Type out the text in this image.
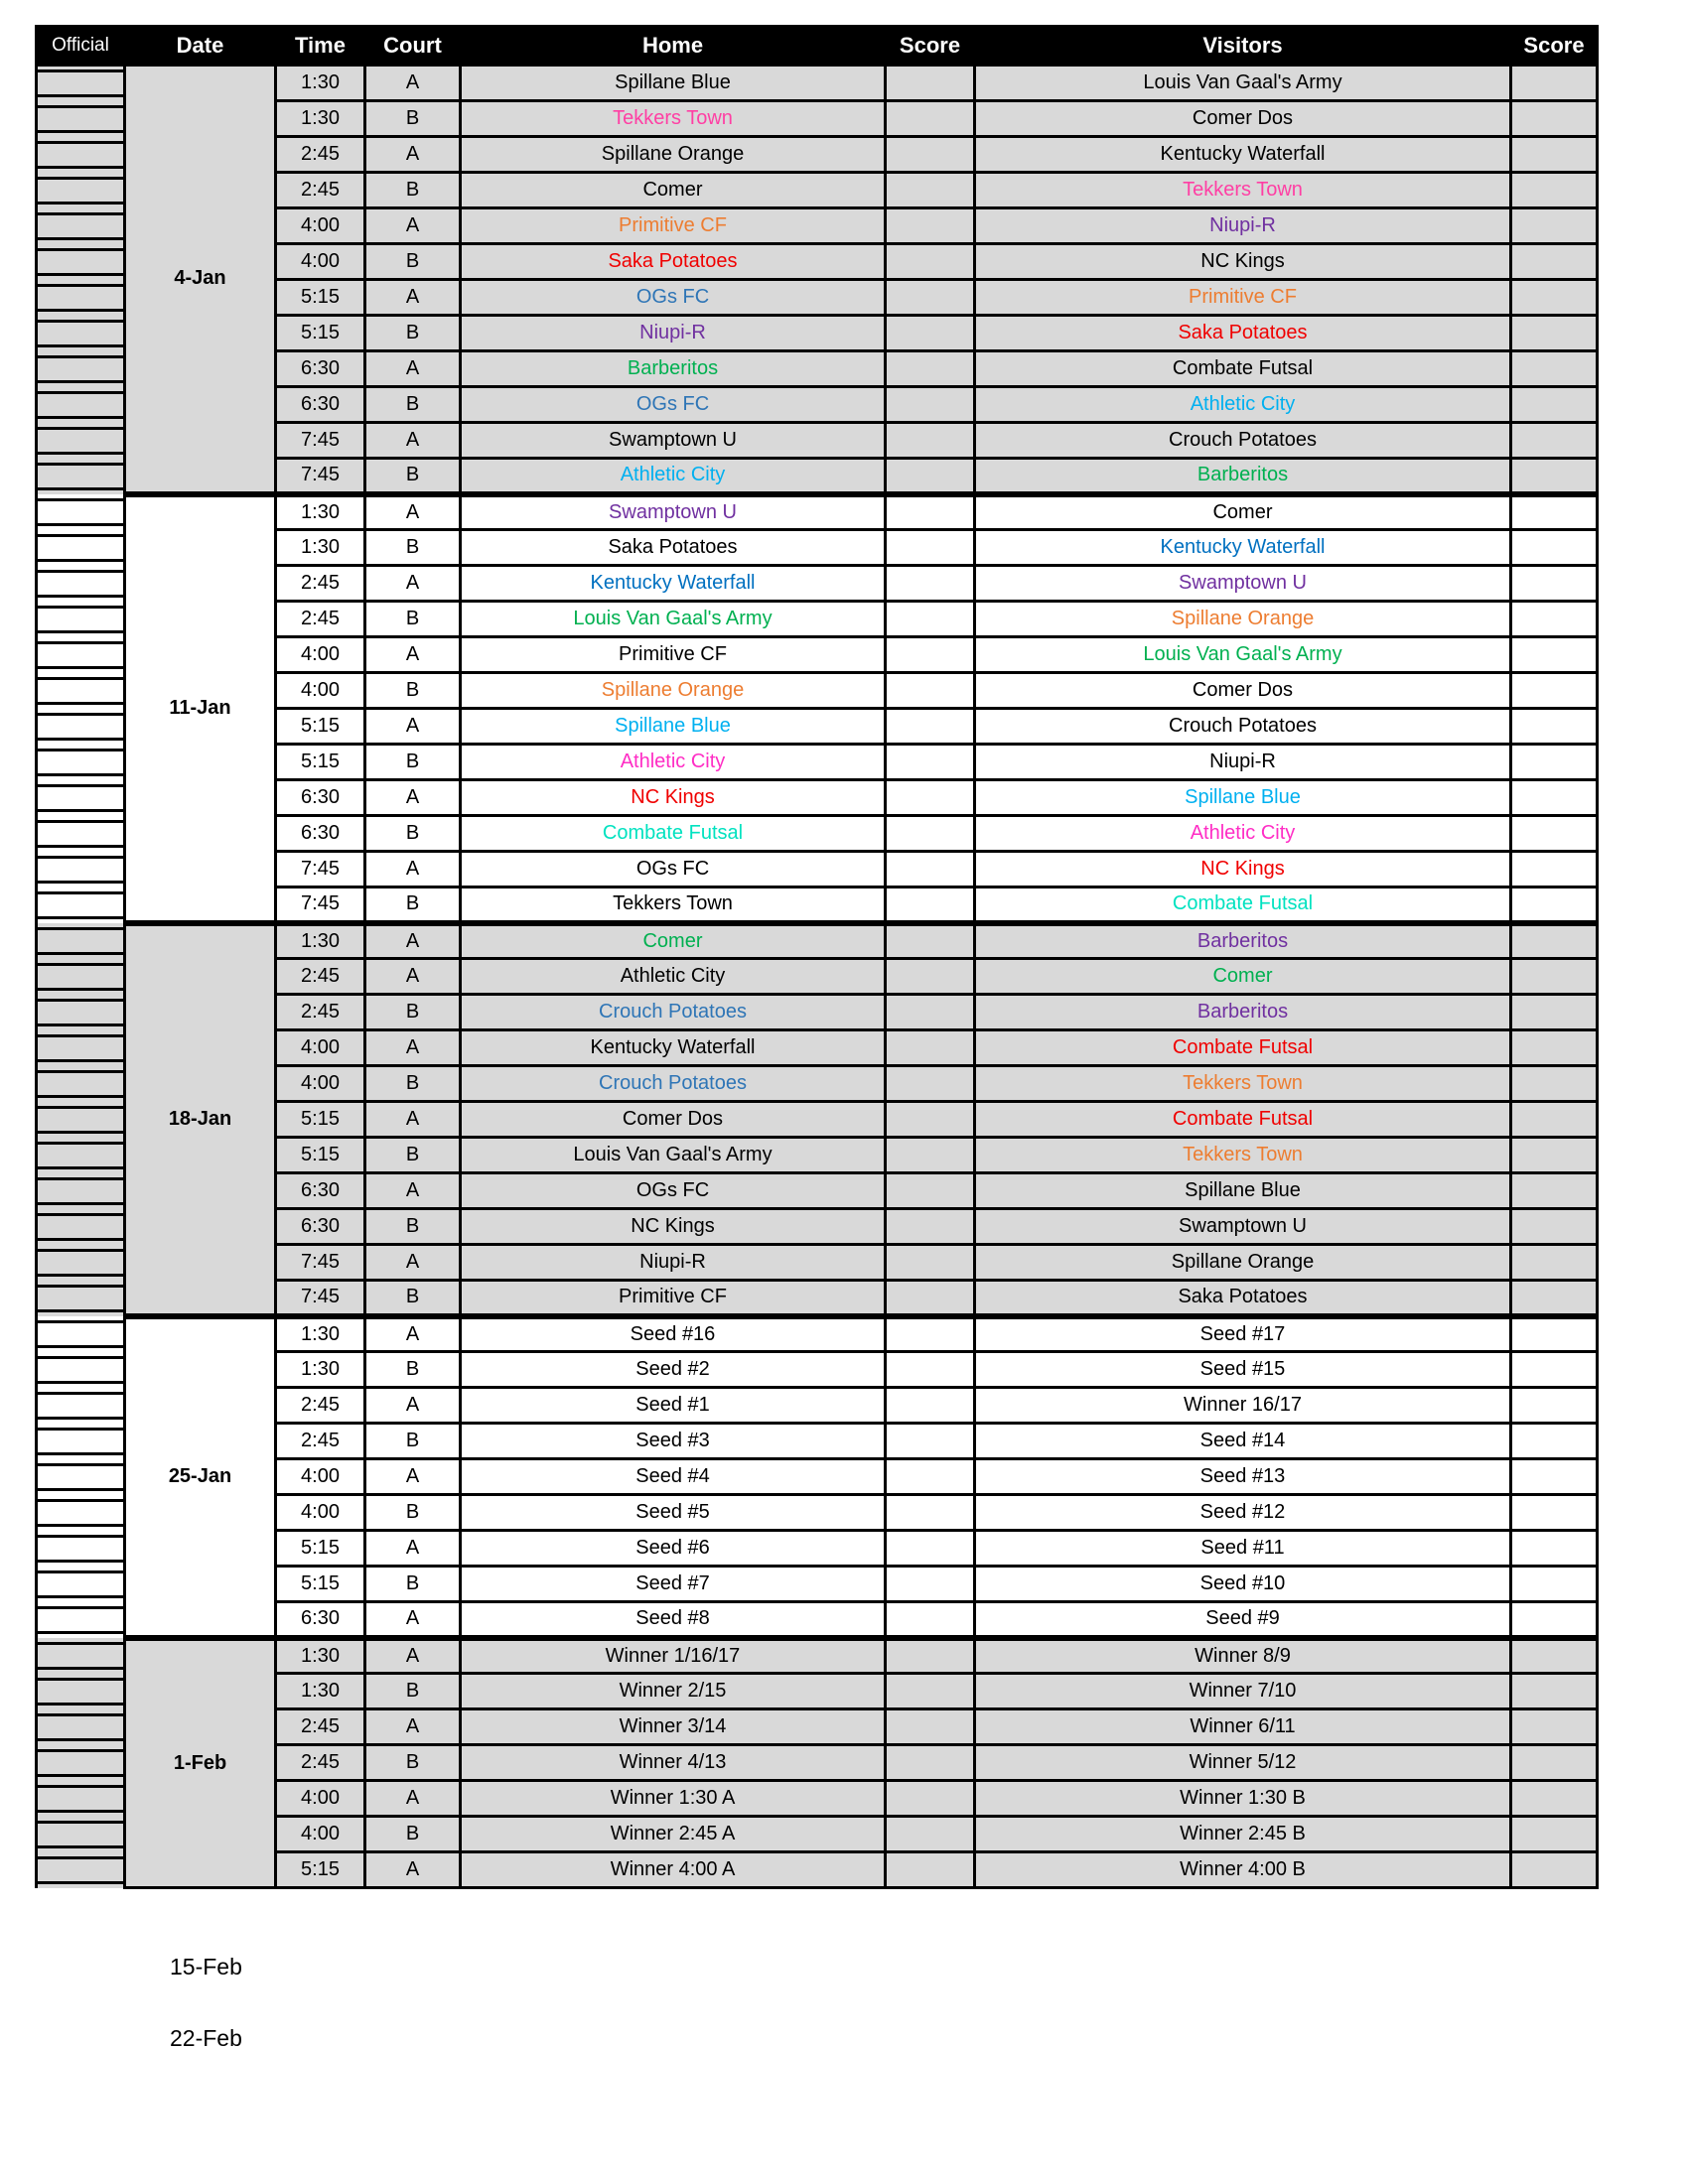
Official	Date	Time	Court	Home	Score	Visitors	Score

	4-Jan	1:30	A	Spillane Blue		Louis Van Gaal's Army	

		1:30	B	Tekkers Town		Comer Dos	

		2:45	A	Spillane Orange		Kentucky Waterfall	

		2:45	B	Comer		Tekkers Town	

		4:00	A	Primitive CF		Niupi-R	

		4:00	B	Saka Potatoes		NC Kings	

		5:15	A	OGs FC		Primitive CF	

		5:15	B	Niupi-R		Saka Potatoes	

		6:30	A	Barberitos		Combate Futsal	

		6:30	B	OGs FC		Athletic City	

		7:45	A	Swamptown U		Crouch Potatoes	

		7:45	B	Athletic City		Barberitos	

	11-Jan	1:30	A	Swamptown U		Comer	

		1:30	B	Saka Potatoes		Kentucky Waterfall	

		2:45	A	Kentucky Waterfall		Swamptown U	

		2:45	B	Louis Van Gaal's Army		Spillane Orange	

		4:00	A	Primitive CF		Louis Van Gaal's Army	

		4:00	B	Spillane Orange		Comer Dos	

		5:15	A	Spillane Blue		Crouch Potatoes	

		5:15	B	Athletic City		Niupi-R	

		6:30	A	NC Kings		Spillane Blue	

		6:30	B	Combate Futsal		Athletic City	

		7:45	A	OGs FC		NC Kings	

		7:45	B	Tekkers Town		Combate Futsal	

	18-Jan	1:30	A	Comer		Barberitos	

		2:45	A	Athletic City		Comer	

		2:45	B	Crouch Potatoes		Barberitos	

		4:00	A	Kentucky Waterfall		Combate Futsal	

		4:00	B	Crouch Potatoes		Tekkers Town	

		5:15	A	Comer Dos		Combate Futsal	

		5:15	B	Louis Van Gaal's Army		Tekkers Town	

		6:30	A	OGs FC		Spillane Blue	

		6:30	B	NC Kings		Swamptown U	

		7:45	A	Niupi-R		Spillane Orange	

		7:45	B	Primitive CF		Saka Potatoes	

	25-Jan	1:30	A	Seed #16		Seed #17	

		1:30	B	Seed #2		Seed #15	

		2:45	A	Seed #1		Winner 16/17	

		2:45	B	Seed #3		Seed #14	

		4:00	A	Seed #4		Seed #13	

		4:00	B	Seed #5		Seed #12	

		5:15	A	Seed #6		Seed #11	

		5:15	B	Seed #7		Seed #10	

		6:30	A	Seed #8		Seed #9	

	1-Feb	1:30	A	Winner 1/16/17		Winner 8/9	

		1:30	B	Winner 2/15		Winner 7/10	

		2:45	A	Winner 3/14		Winner 6/11	

		2:45	B	Winner 4/13		Winner 5/12	

		4:00	A	Winner 1:30 A		Winner 1:30 B	

		4:00	B	Winner 2:45 A		Winner 2:45 B	

		5:15	A	Winner 4:00 A		Winner 4:00 B	
15-Feb
22-Feb
